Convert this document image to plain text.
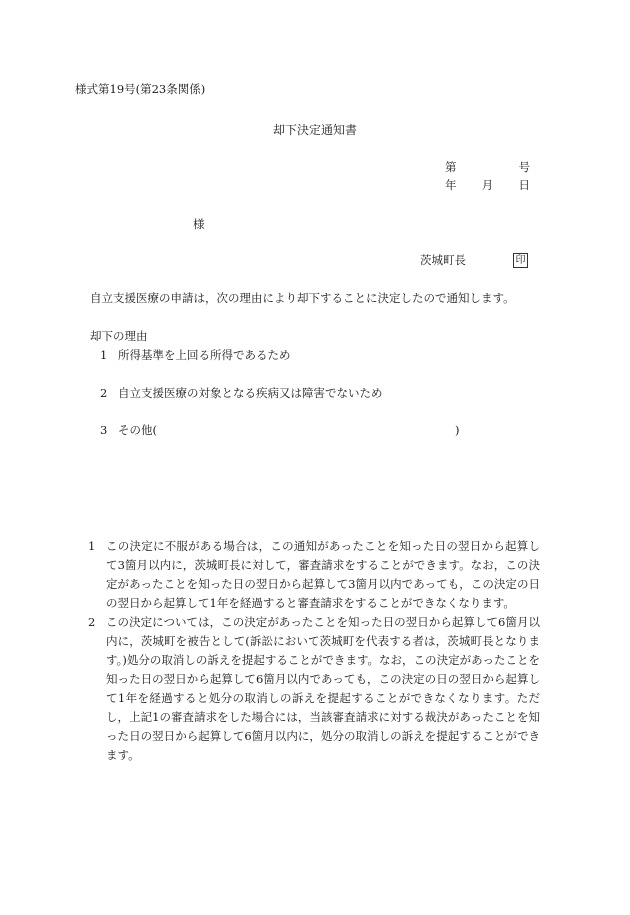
様式第19号(第23条関係)
却下決定通知書
第	号
年 月 日
様
茨城町長	印
自立支援医療の申請は，次の理由により却下することに決定したので通知します。
却下の理由
1 所得基準を上回る所得であるため
2 自立支援医療の対象となる疾病又は障害でないため
3 その他(	)
1 この決定に不服がある場合は，この通知があったことを知った日の翌日から起算して3箇月以内に，茨城町長に対して，審査請求をすることができます。なお，この決定があったことを知った日の翌日から起算して3箇月以内であっても，この決定の日の翌日から起算して1年を経過すると審査請求をすることができなくなります。
2 この決定については，この決定があったことを知った日の翌日から起算して6箇月以内に，茨城町を被告として(訴訟において茨城町を代表する者は，茨城町長となります。)処分の取消しの訴えを提起することができます。なお，この決定があったことを知った日の翌日から起算して6箇月以内であっても，この決定の日の翌日から起算して1年を経過すると処分の取消しの訴えを提起することができなくなります。ただし，上記1の審査請求をした場合には，当該審査請求に対する裁決があったことを知った日の翌日から起算して6箇月以内に，処分の取消しの訴えを提起することができます。
